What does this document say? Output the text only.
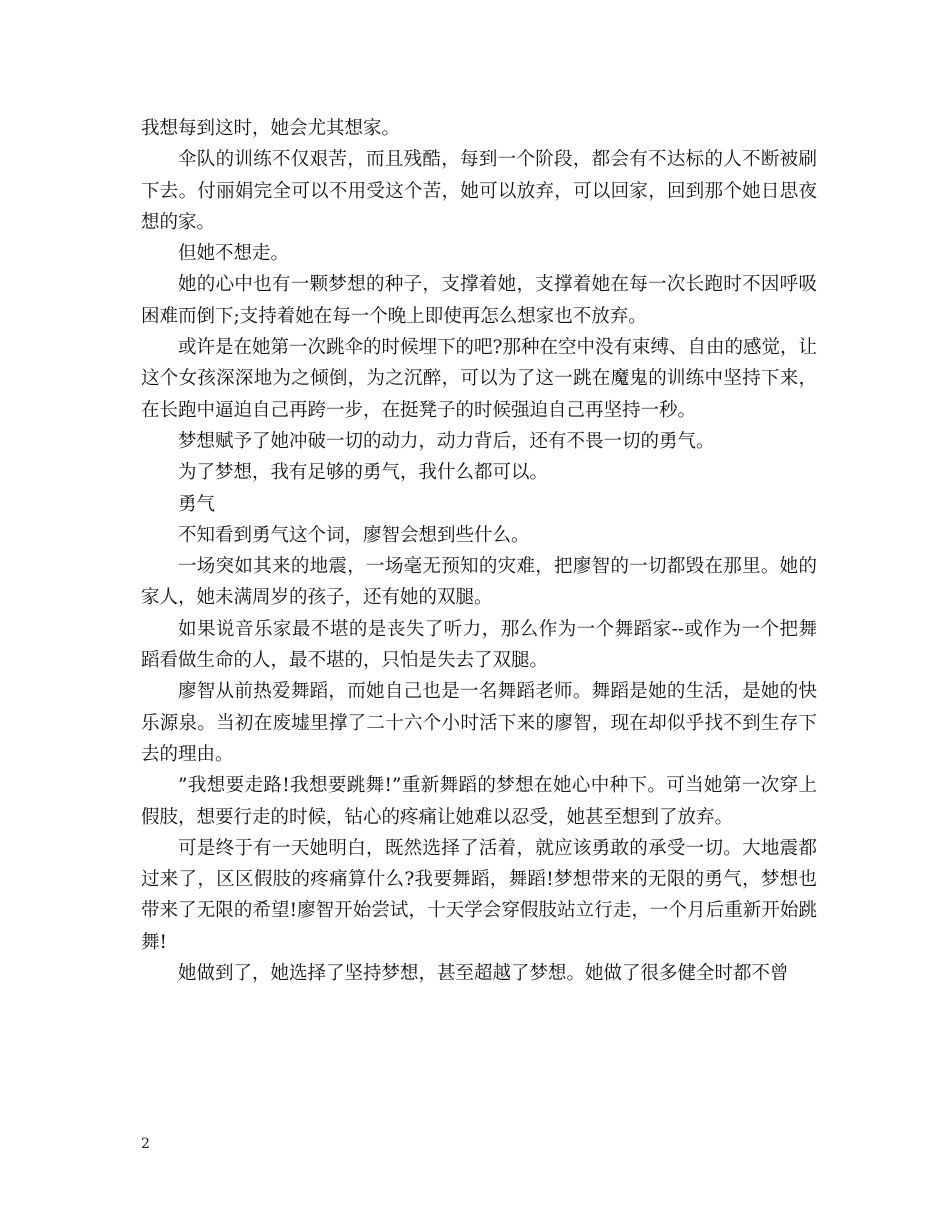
我想每到这时，她会尤其想家。

伞队的训练不仅艰苦，而且残酷，每到一个阶段，都会有不达标的人不断被刷下去。付丽娟完全可以不用受这个苦，她可以放弃，可以回家，回到那个她日思夜想的家。

但她不想走。

她的心中也有一颗梦想的种子，支撑着她，支撑着她在每一次长跑时不因呼吸困难而倒下;支持着她在每一个晚上即使再怎么想家也不放弃。

或许是在她第一次跳伞的时候埋下的吧?那种在空中没有束缚、自由的感觉，让这个女孩深深地为之倾倒，为之沉醉，可以为了这一跳在魔鬼的训练中坚持下来，在长跑中逼迫自己再跨一步，在挺凳子的时候强迫自己再坚持一秒。

梦想赋予了她冲破一切的动力，动力背后，还有不畏一切的勇气。

为了梦想，我有足够的勇气，我什么都可以。

勇气

不知看到勇气这个词，廖智会想到些什么。

一场突如其来的地震，一场毫无预知的灾难，把廖智的一切都毁在那里。她的家人，她未满周岁的孩子，还有她的双腿。

如果说音乐家最不堪的是丧失了听力，那么作为一个舞蹈家--或作为一个把舞蹈看做生命的人，最不堪的，只怕是失去了双腿。

廖智从前热爱舞蹈，而她自己也是一名舞蹈老师。舞蹈是她的生活，是她的快乐源泉。当初在废墟里撑了二十六个小时活下来的廖智，现在却似乎找不到生存下去的理由。

”我想要走路!我想要跳舞!”重新舞蹈的梦想在她心中种下。可当她第一次穿上假肢，想要行走的时候，钻心的疼痛让她难以忍受，她甚至想到了放弃。

可是终于有一天她明白，既然选择了活着，就应该勇敢的承受一切。大地震都过来了，区区假肢的疼痛算什么?我要舞蹈，舞蹈!梦想带来的无限的勇气，梦想也带来了无限的希望!廖智开始尝试，十天学会穿假肢站立行走，一个月后重新开始跳舞!

她做到了，她选择了坚持梦想，甚至超越了梦想。她做了很多健全时都不曾

2
